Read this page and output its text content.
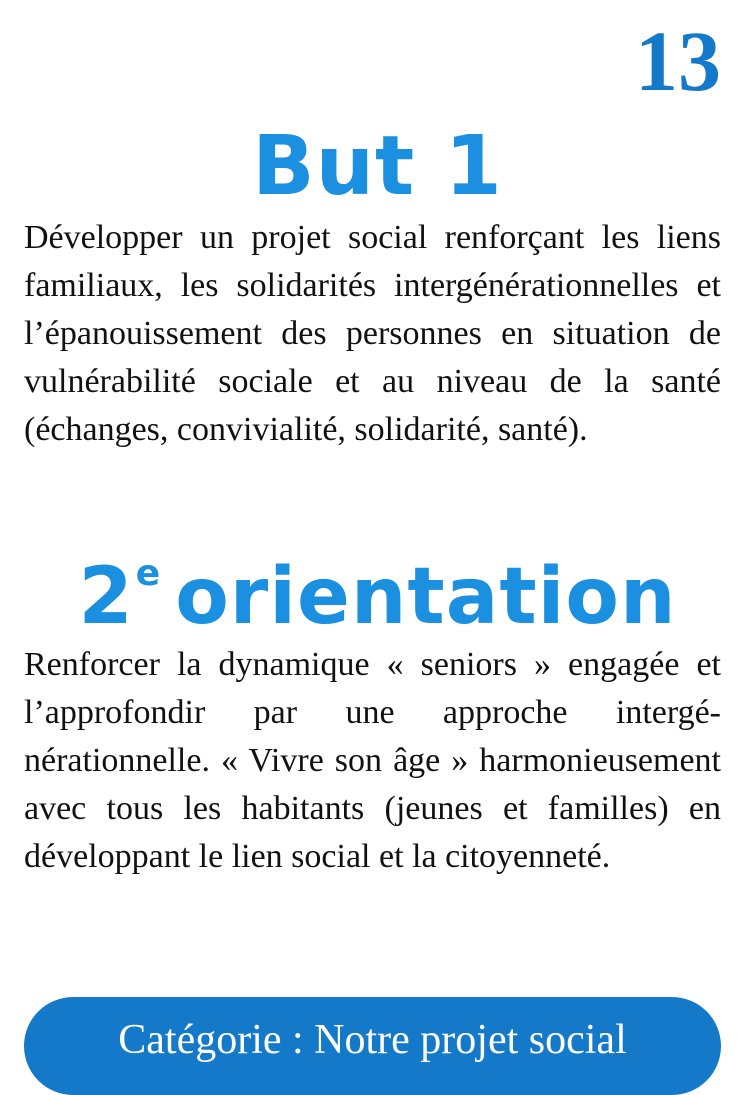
13
But 1

Développer un projet social renforçant les liens familiaux, les solidarités intergénérationnelles et l’épanouissement des personnes en situation de vulnérabilité sociale et au niveau de la santé (échanges, convivialité, solidarité, santé).

2e orientation

Renforcer la dynamique « seniors » engagée et l’approfondir par une approche intergénérationnelle. « Vivre son âge » harmonieusement avec tous les habitants (jeunes et familles) en développant le lien social et la citoyenneté.

Catégorie : Notre projet social
